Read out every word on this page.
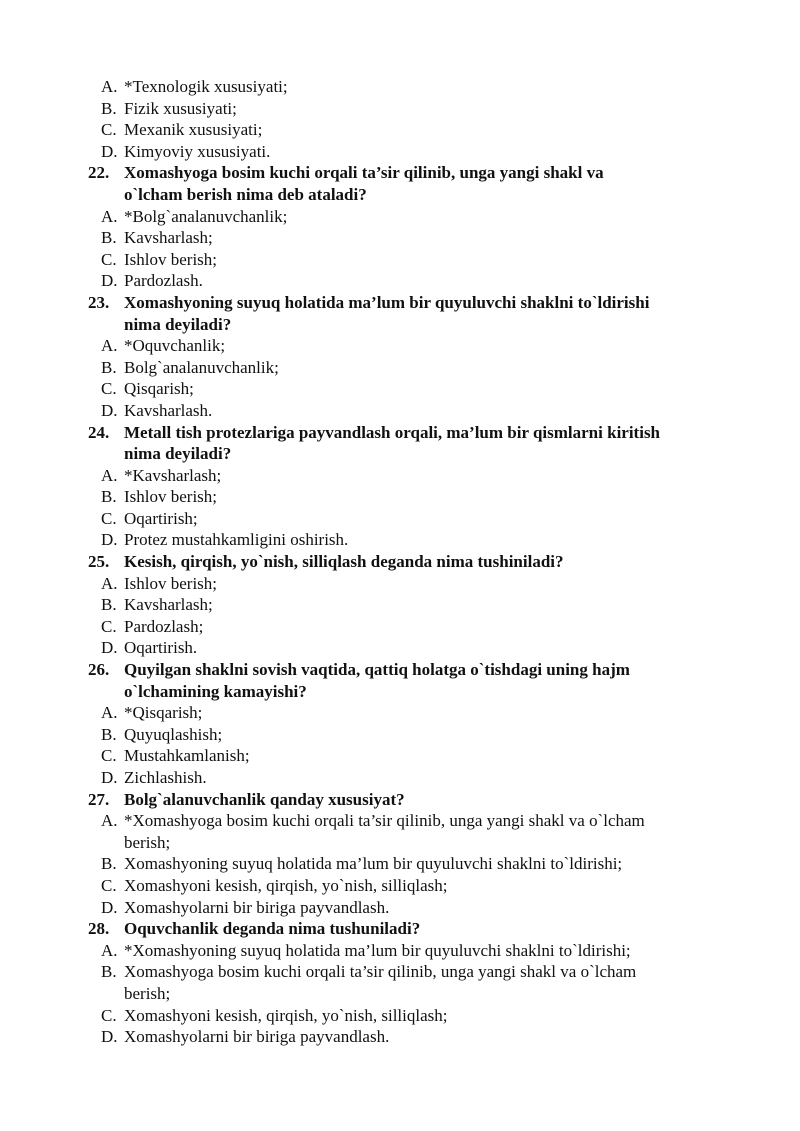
A. *Texnologik xususiyati;
B. Fizik xususiyati;
C. Mexanik xususiyati;
D. Kimyoviy xususiyati.
22. Xomashyoga bosim kuchi orqali ta’sir qilinib, unga yangi shakl va
o`lcham berish nima deb ataladi?
A. *Bolg`analanuvchanlik;
B. Kavsharlash;
C. Ishlov berish;
D. Pardozlash.
23. Xomashyoning suyuq holatida ma’lum bir quyuluvchi shaklni to`ldirishi
nima deyiladi?
A. *Oquvchanlik;
B. Bolg`analanuvchanlik;
C. Qisqarish;
D. Kavsharlash.
24. Metall tish protezlariga payvandlash orqali, ma’lum bir qismlarni kiritish
nima deyiladi?
A. *Kavsharlash;
B. Ishlov berish;
C. Oqartirish;
D. Protez mustahkamligini oshirish.
25. Kesish, qirqish, yo`nish, silliqlash deganda nima tushiniladi?
A. Ishlov berish;
B. Kavsharlash;
C. Pardozlash;
D. Oqartirish.
26. Quyilgan shaklni sovish vaqtida, qattiq holatga o`tishdagi uning hajm
o`lchamining kamayishi?
A. *Qisqarish;
B. Quyuqlashish;
C. Mustahkamlanish;
D. Zichlashish.
27. Bolg`alanuvchanlik qanday xususiyat?
A. *Xomashyoga bosim kuchi orqali ta’sir qilinib, unga yangi shakl va o`lcham
berish;
B. Xomashyoning suyuq holatida ma’lum bir quyuluvchi shaklni to`ldirishi;
C. Xomashyoni kesish, qirqish, yo`nish, silliqlash;
D. Xomashyolarni bir biriga payvandlash.
28. Oquvchanlik deganda nima tushuniladi?
A. *Xomashyoning suyuq holatida ma’lum bir quyuluvchi shaklni to`ldirishi;
B. Xomashyoga bosim kuchi orqali ta’sir qilinib, unga yangi shakl va o`lcham
berish;
C. Xomashyoni kesish, qirqish, yo`nish, silliqlash;
D. Xomashyolarni bir biriga payvandlash.
